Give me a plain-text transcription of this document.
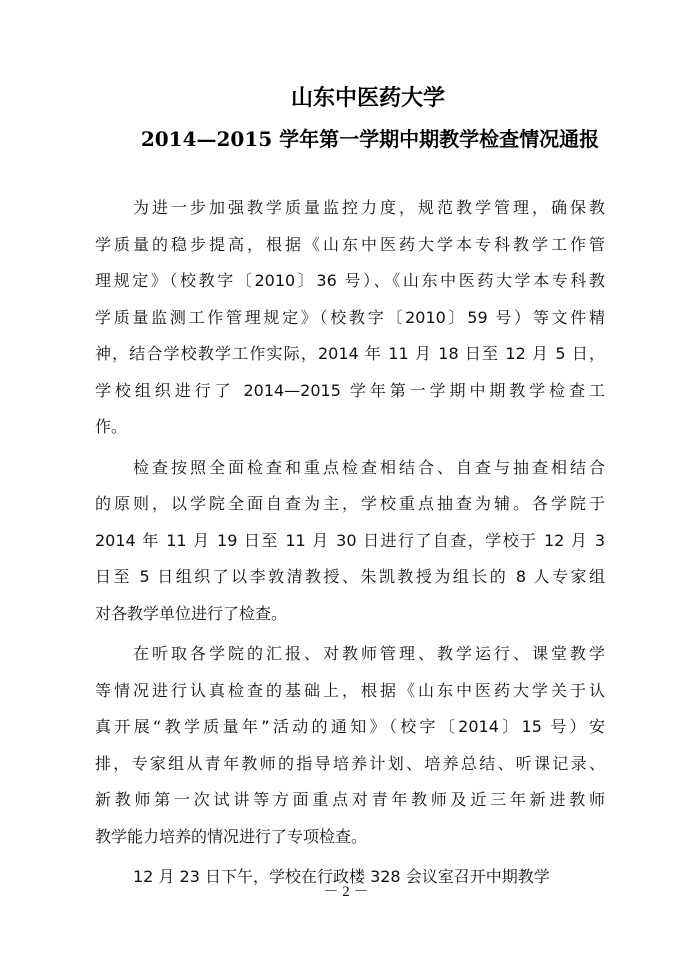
山东中医药大学
2014—2015 学年第一学期中期教学检查情况通报
为进一步加强教学质量监控力度，规范教学管理，确保教
学质量的稳步提高，根据《山东中医药大学本专科教学工作管
理规定》（校教字〔2010〕36 号）、《山东中医药大学本专科教
学质量监测工作管理规定》（校教字〔2010〕59 号）等文件精
神，结合学校教学工作实际，2014 年 11 月 18 日至 12 月 5 日，
学校组织进行了 2014—2015 学年第一学期中期教学检查工
作。
检查按照全面检查和重点检查相结合、自查与抽查相结合
的原则，以学院全面自查为主，学校重点抽查为辅。各学院于
2014 年 11 月 19 日至 11 月 30 日进行了自查，学校于 12 月 3
日至 5 日组织了以李敦清教授、朱凯教授为组长的 8 人专家组
对各教学单位进行了检查。
在听取各学院的汇报、对教师管理、教学运行、课堂教学
等情况进行认真检查的基础上，根据《山东中医药大学关于认
真开展“教学质量年”活动的通知》（校字〔2014〕15 号）安
排，专家组从青年教师的指导培养计划、培养总结、听课记录、
新教师第一次试讲等方面重点对青年教师及近三年新进教师
教学能力培养的情况进行了专项检查。
12 月 23 日下午，学校在行政楼 328 会议室召开中期教学
－ 2 －
